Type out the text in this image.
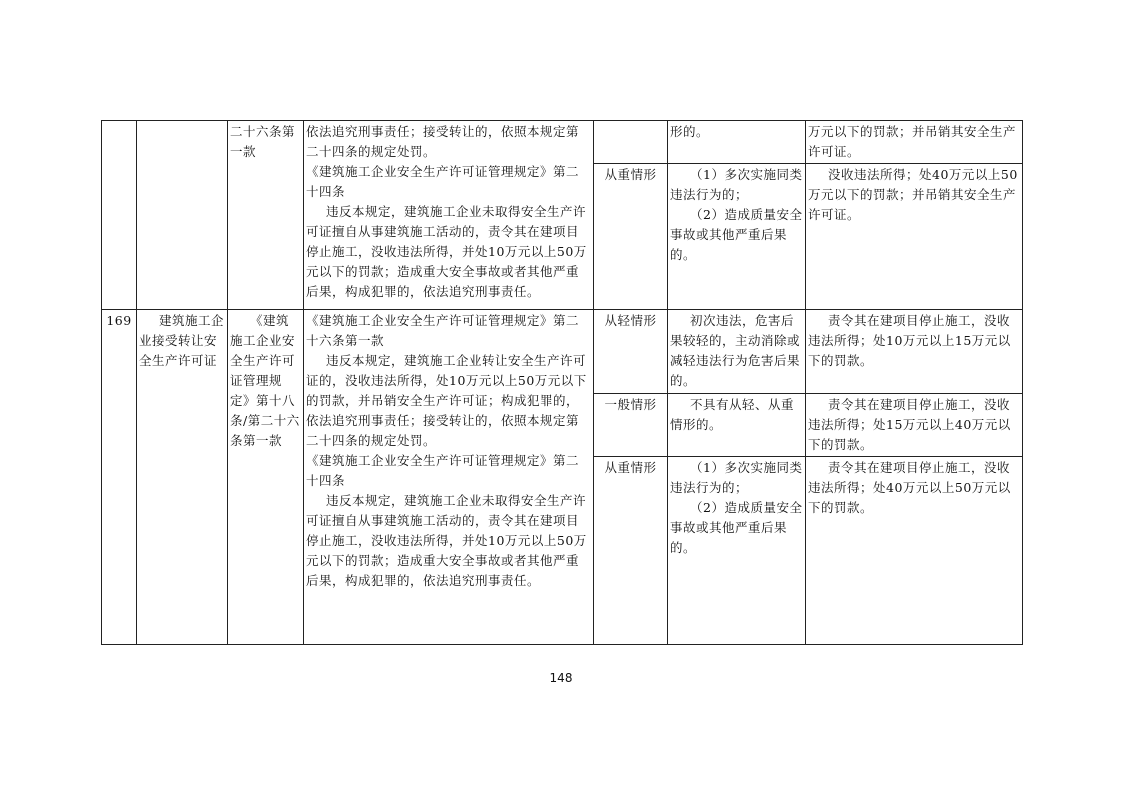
		二十六条第一款	依法追究刑事责任；接受转让的，依照本规定第二十四条的规定处罚。
《建筑施工企业安全生产许可证管理规定》第二十四条
违反本规定，建筑施工企业未取得安全生产许可证擅自从事建筑施工活动的，责令其在建项目停止施工，没收违法所得，并处10万元以上50万元以下的罚款；造成重大安全事故或者其他严重后果，构成犯罪的，依法追究刑事责任。		形的。	万元以下的罚款；并吊销其安全生产许可证。
				从重情形	（1）多次实施同类违法行为的；
（2）造成质量安全事故或其他严重后果的。	没收违法所得；处40万元以上50万元以下的罚款；并吊销其安全生产许可证。
169	建筑施工企业接受转让安全生产许可证	《建筑施工企业安全生产许可证管理规定》第十八条/第二十六条第一款	《建筑施工企业安全生产许可证管理规定》第二十六条第一款
违反本规定，建筑施工企业转让安全生产许可证的，没收违法所得，处10万元以上50万元以下的罚款，并吊销安全生产许可证；构成犯罪的，依法追究刑事责任；接受转让的，依照本规定第二十四条的规定处罚。
《建筑施工企业安全生产许可证管理规定》第二十四条
违反本规定，建筑施工企业未取得安全生产许可证擅自从事建筑施工活动的，责令其在建项目停止施工，没收违法所得，并处10万元以上50万元以下的罚款；造成重大安全事故或者其他严重后果，构成犯罪的，依法追究刑事责任。	从轻情形	初次违法，危害后果较轻的，主动消除或减轻违法行为危害后果的。	责令其在建项目停止施工，没收违法所得；处10万元以上15万元以下的罚款。
				一般情形	不具有从轻、从重情形的。	责令其在建项目停止施工，没收违法所得；处15万元以上40万元以下的罚款。
				从重情形	（1）多次实施同类违法行为的；
（2）造成质量安全事故或其他严重后果的。	责令其在建项目停止施工，没收违法所得；处40万元以上50万元以下的罚款。
148
